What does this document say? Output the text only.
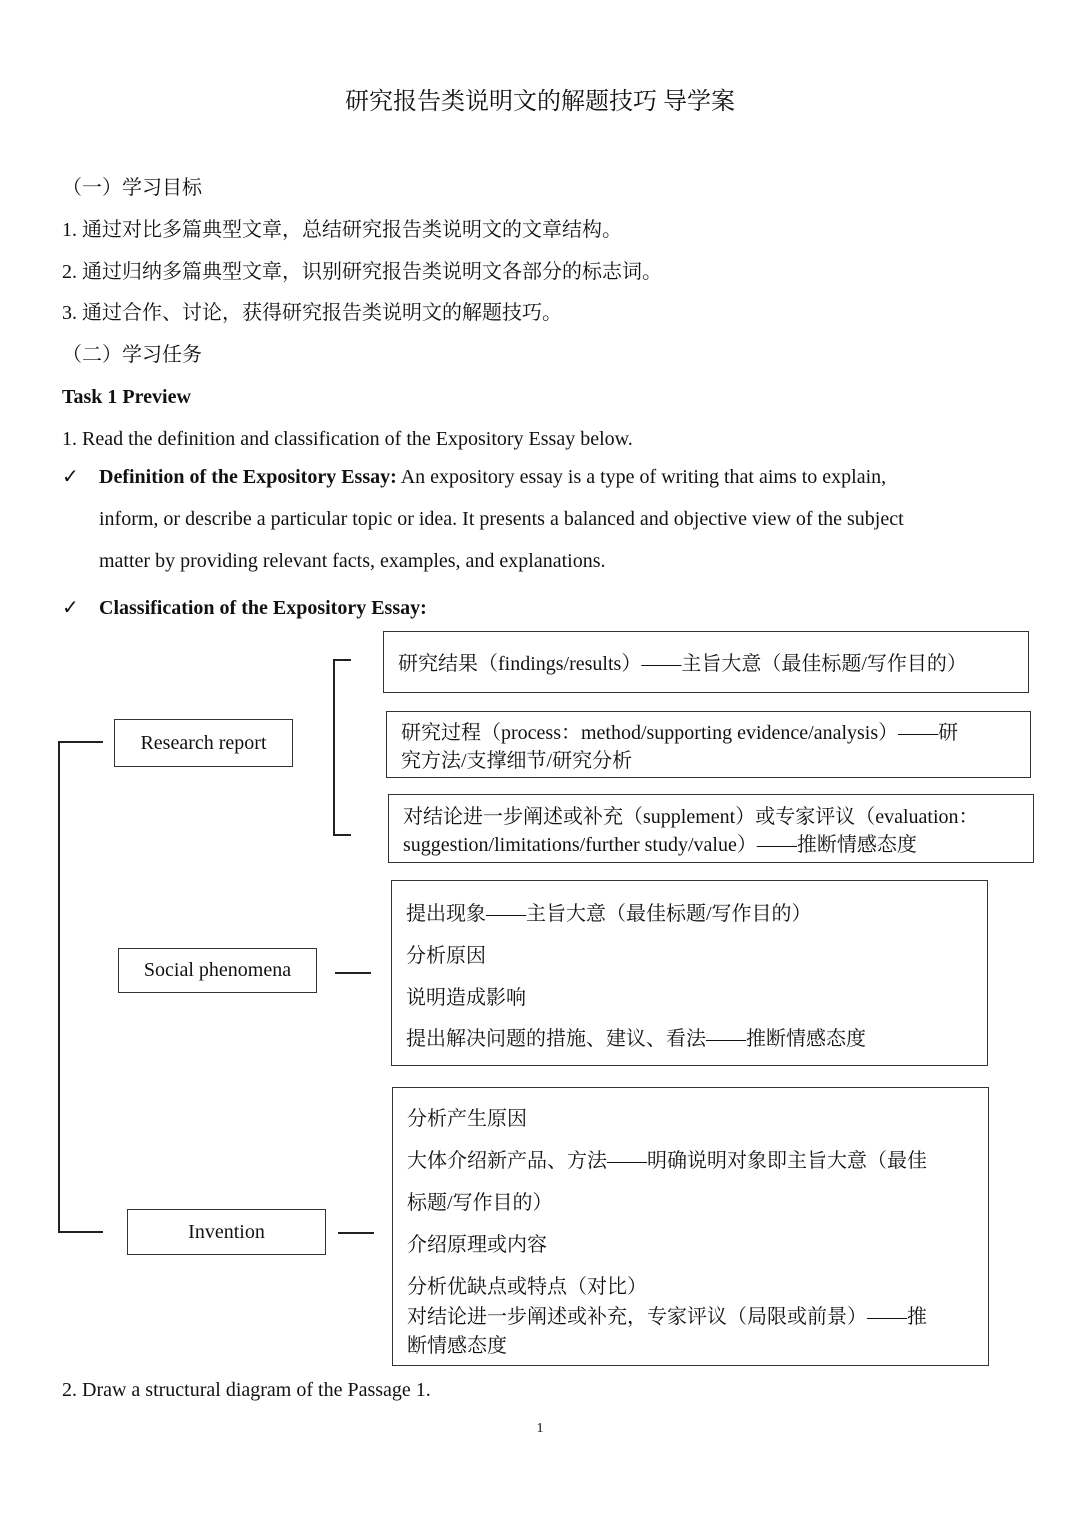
研究报告类说明文的解题技巧 导学案
（一）学习目标
1. 通过对比多篇典型文章，总结研究报告类说明文的文章结构。
2. 通过归纳多篇典型文章，识别研究报告类说明文各部分的标志词。
3. 通过合作、讨论，获得研究报告类说明文的解题技巧。
（二）学习任务
Task 1 Preview
1. Read the definition and classification of the Expository Essay below.
✓ Definition of the Expository Essay: An expository essay is a type of writing that aims to explain,
inform, or describe a particular topic or idea. It presents a balanced and objective view of the subject
matter by providing relevant facts, examples, and explanations.
✓ Classification of the Expository Essay:
Research report
研究结果（findings/results）——主旨大意（最佳标题/写作目的）
研究过程（process：method/supporting evidence/analysis）——研
究方法/支撑细节/研究分析
对结论进一步阐述或补充（supplement）或专家评议（evaluation：
suggestion/limitations/further study/value）——推断情感态度
Social phenomena
提出现象——主旨大意（最佳标题/写作目的）
分析原因
说明造成影响
提出解决问题的措施、建议、看法——推断情感态度
Invention
分析产生原因
大体介绍新产品、方法——明确说明对象即主旨大意（最佳
标题/写作目的）
介绍原理或内容
分析优缺点或特点（对比）
对结论进一步阐述或补充，专家评议（局限或前景）——推
断情感态度
2. Draw a structural diagram of the Passage 1.
1
